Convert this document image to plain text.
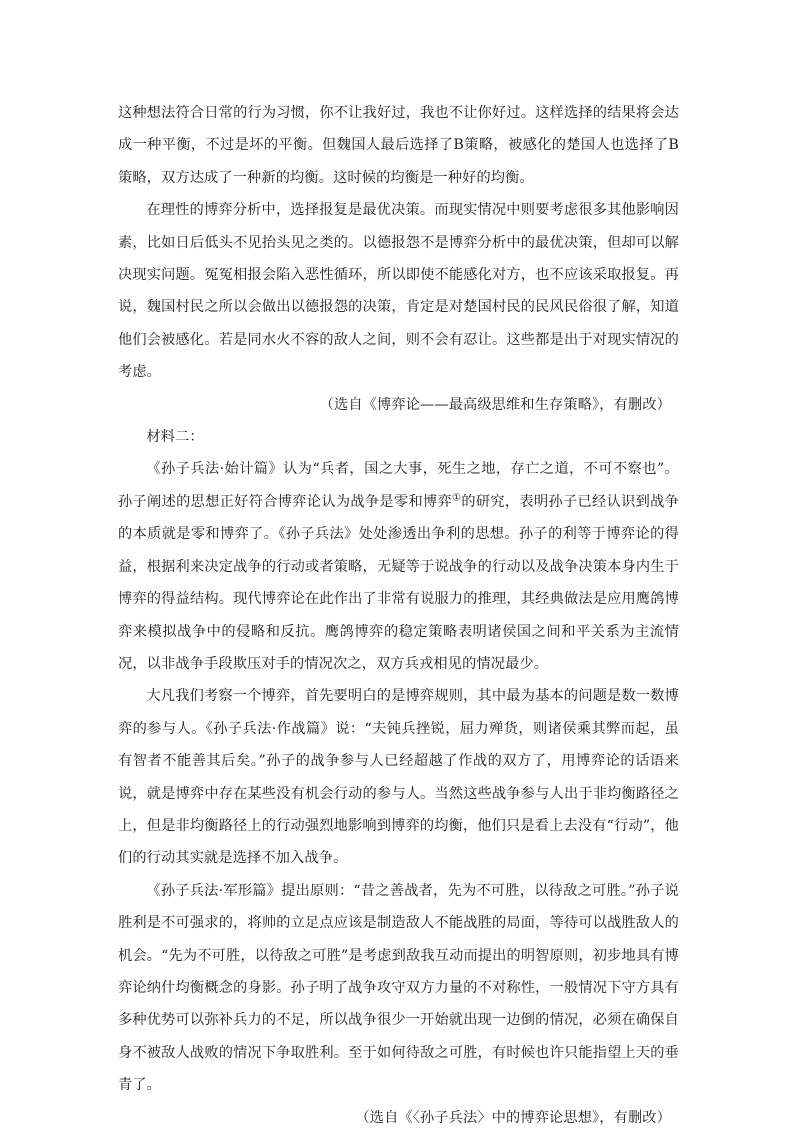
这种想法符合日常的行为习惯，你不让我好过，我也不让你好过。这样选择的结果将会达成一种平衡，不过是坏的平衡。但魏国人最后选择了B策略，被感化的楚国人也选择了B策略，双方达成了一种新的均衡。这时候的均衡是一种好的均衡。

在理性的博弈分析中，选择报复是最优决策。而现实情况中则要考虑很多其他影响因素，比如日后低头不见抬头见之类的。以德报怨不是博弈分析中的最优决策，但却可以解决现实问题。冤冤相报会陷入恶性循环，所以即使不能感化对方，也不应该采取报复。再说，魏国村民之所以会做出以德报怨的决策，肯定是对楚国村民的民风民俗很了解，知道他们会被感化。若是同水火不容的敌人之间，则不会有忍让。这些都是出于对现实情况的考虑。

（选自《博弈论——最高级思维和生存策略》，有删改）

材料二：

《孙子兵法·始计篇》认为“兵者，国之大事，死生之地，存亡之道，不可不察也”。孙子阐述的思想正好符合博弈论认为战争是零和博弈①的研究，表明孙子已经认识到战争的本质就是零和博弈了。《孙子兵法》处处渗透出争利的思想。孙子的利等于博弈论的得益，根据利来决定战争的行动或者策略，无疑等于说战争的行动以及战争决策本身内生于博弈的得益结构。现代博弈论在此作出了非常有说服力的推理，其经典做法是应用鹰鸽博弈来模拟战争中的侵略和反抗。鹰鸽博弈的稳定策略表明诸侯国之间和平关系为主流情况，以非战争手段欺压对手的情况次之，双方兵戎相见的情况最少。

大凡我们考察一个博弈，首先要明白的是博弈规则，其中最为基本的问题是数一数博弈的参与人。《孙子兵法·作战篇》说：“夫钝兵挫锐，屈力殚货，则诸侯乘其弊而起，虽有智者不能善其后矣。”孙子的战争参与人已经超越了作战的双方了，用博弈论的话语来说，就是博弈中存在某些没有机会行动的参与人。当然这些战争参与人出于非均衡路径之上，但是非均衡路径上的行动强烈地影响到博弈的均衡，他们只是看上去没有“行动”，他们的行动其实就是选择不加入战争。

《孙子兵法·军形篇》提出原则：“昔之善战者，先为不可胜，以待敌之可胜。”孙子说胜利是不可强求的，将帅的立足点应该是制造敌人不能战胜的局面，等待可以战胜敌人的机会。“先为不可胜，以待敌之可胜”是考虑到敌我互动而提出的明智原则，初步地具有博弈论纳什均衡概念的身影。孙子明了战争攻守双方力量的不对称性，一般情况下守方具有多种优势可以弥补兵力的不足，所以战争很少一开始就出现一边倒的情况，必须在确保自身不被敌人战败的情况下争取胜利。至于如何待敌之可胜，有时候也许只能指望上天的垂青了。

（选自《〈孙子兵法〉中的博弈论思想》，有删改）
